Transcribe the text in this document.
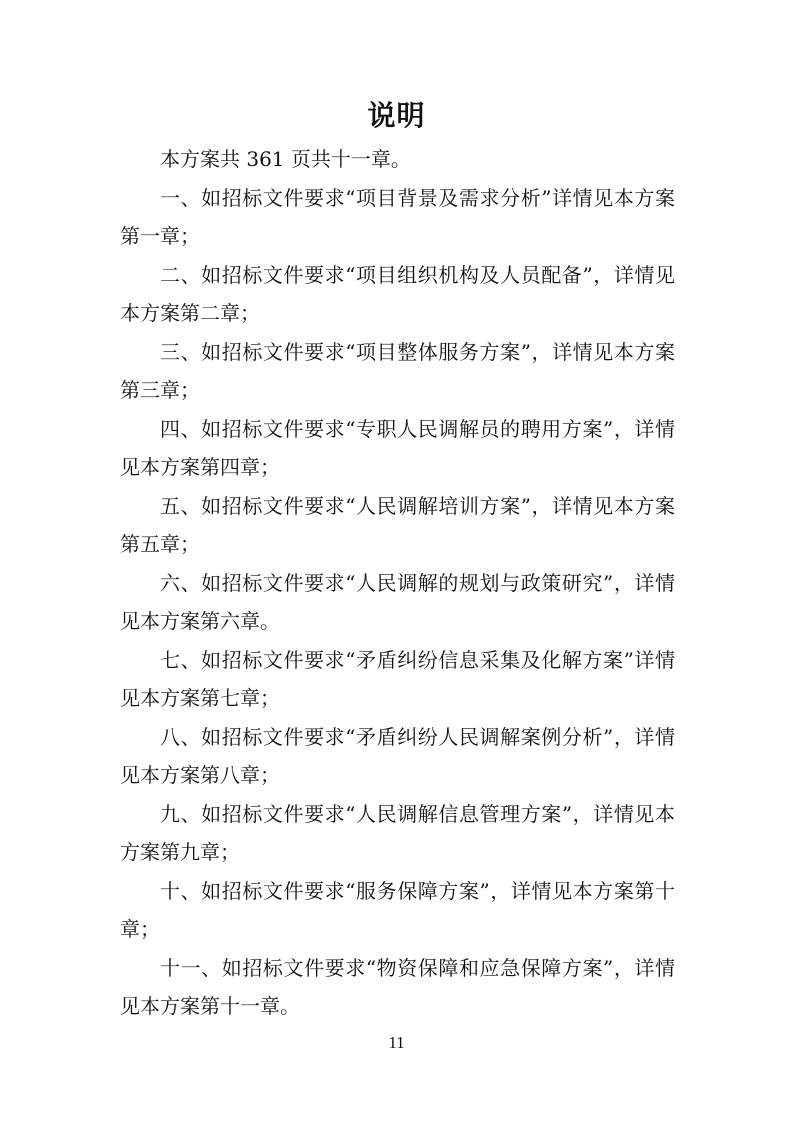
说明

本方案共 361 页共十一章。

一、如招标文件要求“项目背景及需求分析”详情见本方案第一章；

二、如招标文件要求“项目组织机构及人员配备”，详情见本方案第二章；

三、如招标文件要求“项目整体服务方案”，详情见本方案第三章；

四、如招标文件要求“专职人民调解员的聘用方案”，详情见本方案第四章；

五、如招标文件要求“人民调解培训方案”，详情见本方案第五章；

六、如招标文件要求“人民调解的规划与政策研究”，详情见本方案第六章。

七、如招标文件要求“矛盾纠纷信息采集及化解方案”详情见本方案第七章；

八、如招标文件要求“矛盾纠纷人民调解案例分析”，详情见本方案第八章；

九、如招标文件要求“人民调解信息管理方案”，详情见本方案第九章；

十、如招标文件要求“服务保障方案”，详情见本方案第十章；

十一、如招标文件要求“物资保障和应急保障方案”，详情见本方案第十一章。

11
